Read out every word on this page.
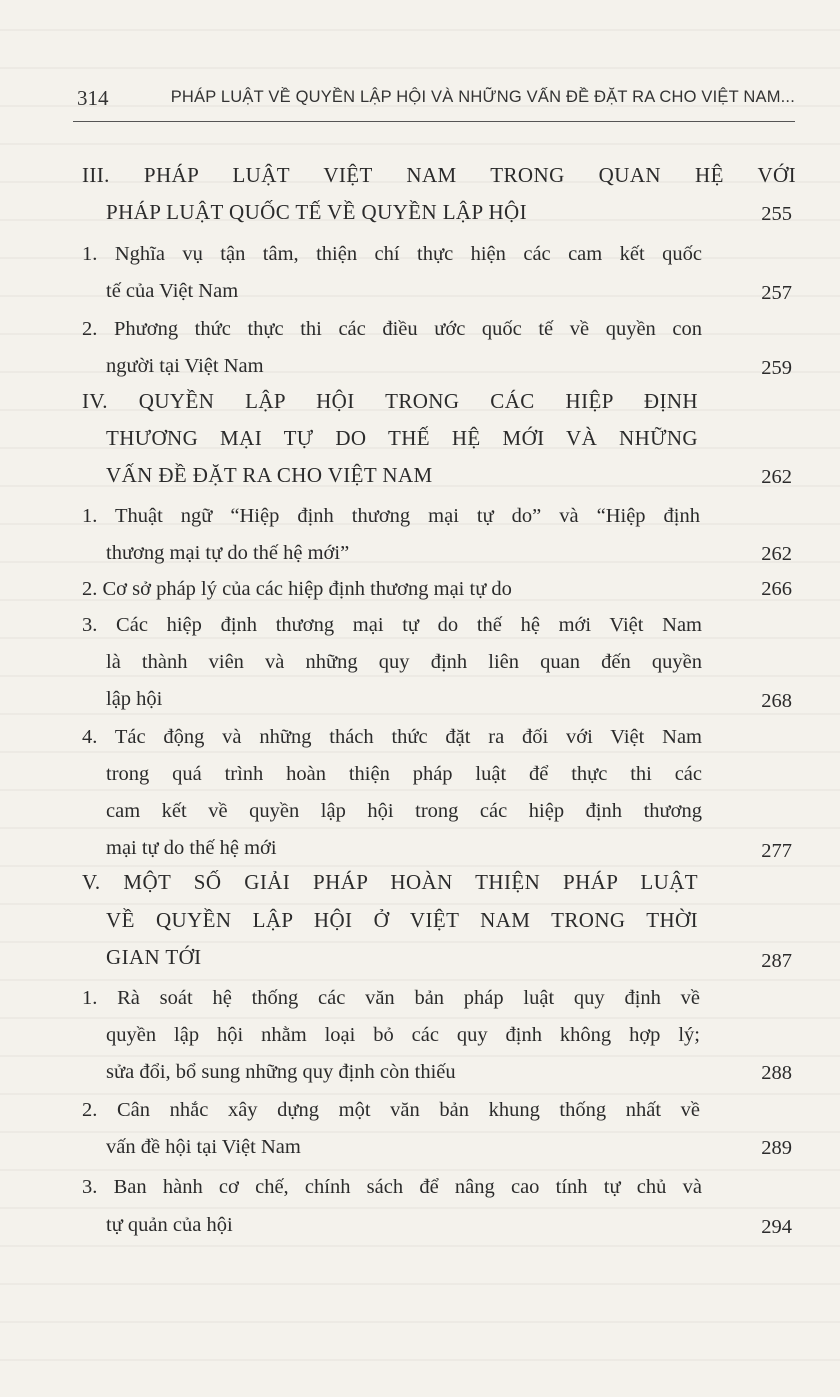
314	PHÁP LUẬT VỀ QUYỀN LẬP HỘI VÀ NHỮNG VẤN ĐỀ ĐẶT RA CHO VIỆT NAM...
III. PHÁP LUẬT VIỆT NAM TRONG QUAN HỆ VỚI
PHÁP LUẬT QUỐC TẾ VỀ QUYỀN LẬP HỘI	255
1. Nghĩa vụ tận tâm, thiện chí thực hiện các cam kết quốc
tế của Việt Nam	257
2. Phương thức thực thi các điều ước quốc tế về quyền con
người tại Việt Nam	259
IV. QUYỀN LẬP HỘI TRONG CÁC HIỆP ĐỊNH
THƯƠNG MẠI TỰ DO THẾ HỆ MỚI VÀ NHỮNG
VẤN ĐỀ ĐẶT RA CHO VIỆT NAM	262
1. Thuật ngữ “Hiệp định thương mại tự do” và “Hiệp định
thương mại tự do thế hệ mới”	262
2. Cơ sở pháp lý của các hiệp định thương mại tự do	266
3. Các hiệp định thương mại tự do thế hệ mới Việt Nam
là thành viên và những quy định liên quan đến quyền
lập hội	268
4. Tác động và những thách thức đặt ra đối với Việt Nam
trong quá trình hoàn thiện pháp luật để thực thi các
cam kết về quyền lập hội trong các hiệp định thương
mại tự do thế hệ mới	277
V. MỘT SỐ GIẢI PHÁP HOÀN THIỆN PHÁP LUẬT
VỀ QUYỀN LẬP HỘI Ở VIỆT NAM TRONG THỜI
GIAN TỚI	287
1. Rà soát hệ thống các văn bản pháp luật quy định về
quyền lập hội nhằm loại bỏ các quy định không hợp lý;
sửa đổi, bổ sung những quy định còn thiếu	288
2. Cân nhắc xây dựng một văn bản khung thống nhất về
vấn đề hội tại Việt Nam	289
3. Ban hành cơ chế, chính sách để nâng cao tính tự chủ và
tự quản của hội	294
